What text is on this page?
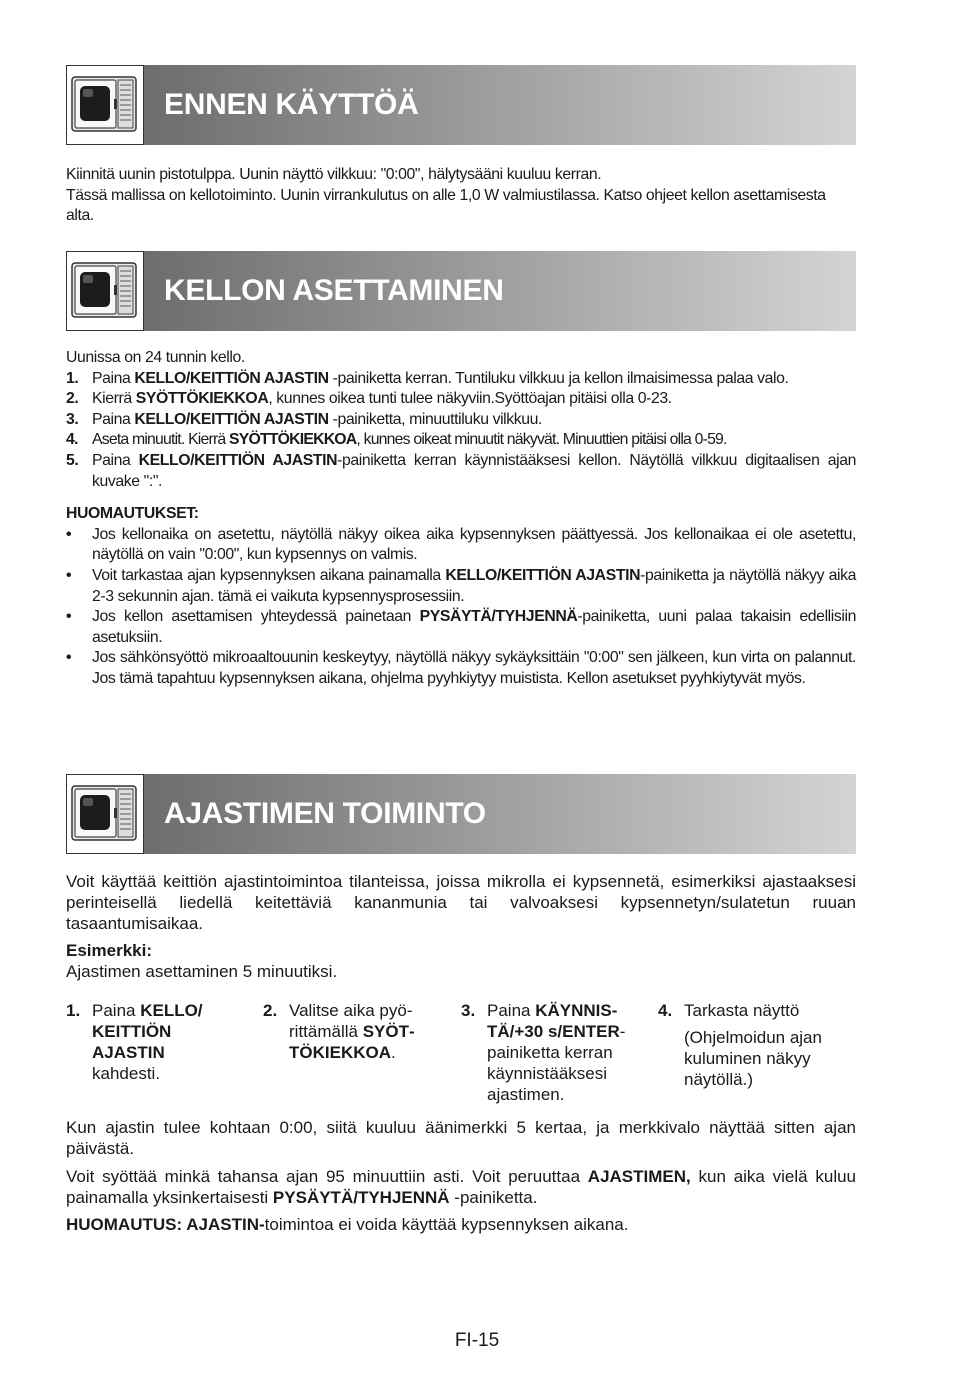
ENNEN KÄYTTÖÄ

Kiinnitä uunin pistotulppa. Uunin näyttö vilkkuu: "0:00", hälytysääni kuuluu kerran.

Tässä mallissa on kellotoiminto. Uunin virrankulutus on alle 1,0 W valmiustilassa. Katso ohjeet kellon asettamisesta alta.

KELLON ASETTAMINEN

Uunissa on 24 tunnin kello.

1. Paina KELLO/KEITTIÖN AJASTIN -painiketta kerran. Tuntiluku vilkkuu ja kellon ilmaisimessa palaa valo.
2. Kierrä SYÖTTÖKIEKKOA, kunnes oikea tunti tulee näkyviin.Syöttöajan pitäisi olla 0-23.
3. Paina KELLO/KEITTIÖN AJASTIN -painiketta, minuuttiluku vilkkuu.
4. Aseta minuutit. Kierrä SYÖTTÖKIEKKOA, kunnes oikeat minuutit näkyvät. Minuuttien pitäisi olla 0-59.
5. Paina KELLO/KEITTIÖN AJASTIN-painiketta kerran käynnistääksesi kellon. Näytöllä vilkkuu digitaalisen ajan kuvake ":".

HUOMAUTUKSET:

• Jos kellonaika on asetettu, näytöllä näkyy oikea aika kypsennyksen päättyessä. Jos kellonaikaa ei ole asetettu, näytöllä on vain "0:00", kun kypsennys on valmis.
• Voit tarkastaa ajan kypsennyksen aikana painamalla KELLO/KEITTIÖN AJASTIN-painiketta ja näytöllä näkyy aika 2-3 sekunnin ajan. tämä ei vaikuta kypsennysprosessiin.
• Jos kellon asettamisen yhteydessä painetaan PYSÄYTÄ/TYHJENNÄ-painiketta, uuni palaa takaisin edellisiin asetuksiin.
• Jos sähkönsyöttö mikroaaltouunin keskeytyy, näytöllä näkyy sykäyksittäin "0:00" sen jälkeen, kun virta on palannut. Jos tämä tapahtuu kypsennyksen aikana, ohjelma pyyhkiytyy muistista. Kellon asetukset pyyhkiytyvät myös.
AJASTIMEN TOIMINTO
Voit käyttää keittiön ajastintoimintoa tilanteissa, joissa mikrolla ei kypsennetä, esimerkiksi ajastaaksesi perinteisellä liedellä keitettäviä kananmunia tai valvoaksesi kypsennetyn/sulatetun ruuan tasaantumisaikaa.
Esimerkki:
Ajastimen asettaminen 5 minuutiksi.
1. Paina KELLO/ KEITTIÖN AJASTIN kahdesti.
2. Valitse aika pyörittämällä SYÖTTÖKIEKKOA.
3. Paina KÄYNNISTÄ/+30 s/ENTER-painiketta kerran käynnistääksesi ajastimen.
4. Tarkasta näyttö
(Ohjelmoidun ajan kuluminen näkyy näytöllä.)
Kun ajastin tulee kohtaan 0:00, siitä kuuluu äänimerkki 5 kertaa, ja merkkivalo näyttää sitten ajan päivästä.
Voit syöttää minkä tahansa ajan 95 minuuttiin asti. Voit peruuttaa AJASTIMEN, kun aika vielä kuluu painamalla yksinkertaisesti PYSÄYTÄ/TYHJENNÄ -painiketta.
HUOMAUTUS: AJASTIN-toimintoa ei voida käyttää kypsennyksen aikana.
FI-15
